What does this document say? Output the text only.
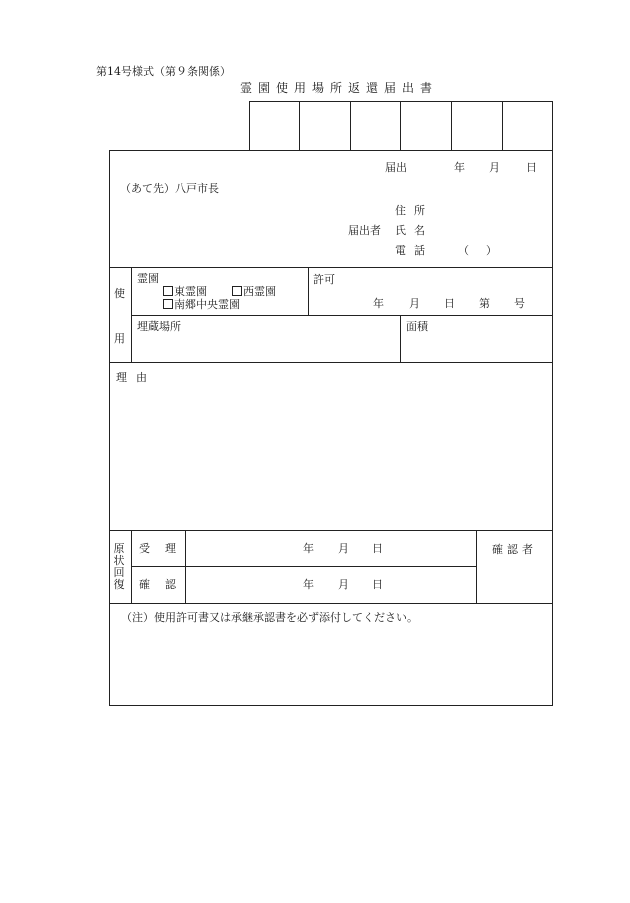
第14号様式（第９条関係）
霊園使用場所返還届出書
届出	年 月 日
（あて先）八戸市長
住所
届出者 氏名
電話 （ ）
使
用
霊園
東霊園	西霊園
南郷中央霊園
許可
年 月 日 第 号
埋蔵場所	面積
理由
原
状
回
復
受理	年 月 日
確認	年 月 日
確認者
（注）使用許可書又は承継承認書を必ず添付してください。
